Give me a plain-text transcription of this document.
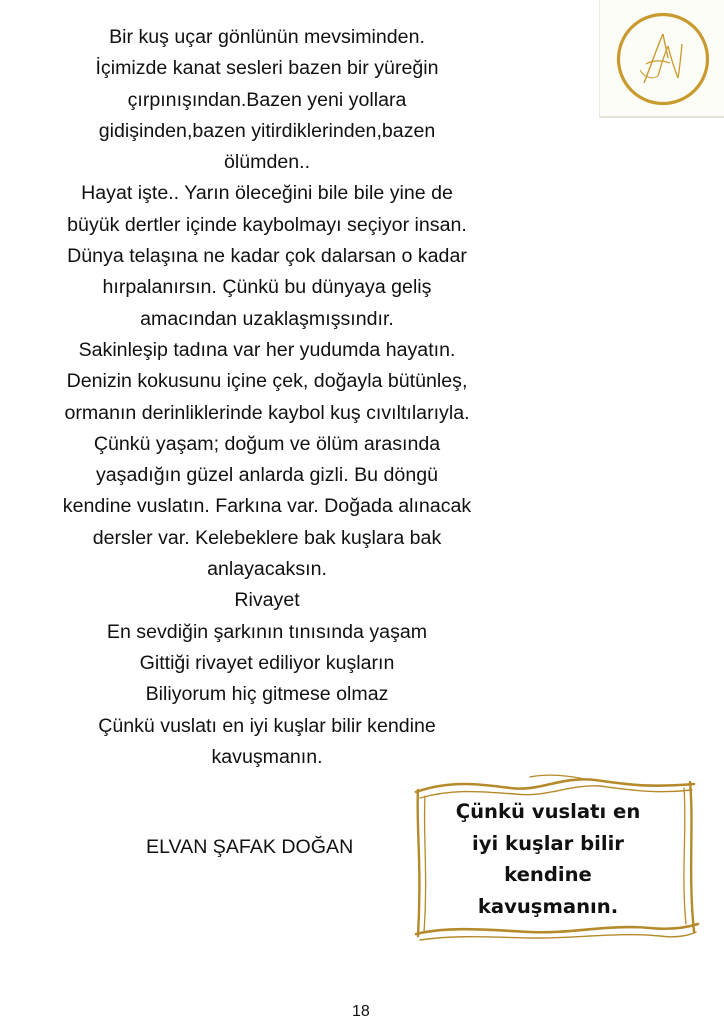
Bir kuş uçar gönlünün mevsiminden.
İçimizde kanat sesleri bazen bir yüreğin
çırpınışından.Bazen yeni yollara
gidişinden,bazen yitirdiklerinden,bazen
ölümden..
Hayat işte.. Yarın öleceğini bile bile yine de
büyük dertler içinde kaybolmayı seçiyor insan.
Dünya telaşına ne kadar çok dalarsan o kadar
hırpalanırsın. Çünkü bu dünyaya geliş
amacından uzaklaşmışsındır.
Sakinleşip tadına var her yudumda hayatın.
Denizin kokusunu içine çek, doğayla bütünleş,
ormanın derinliklerinde kaybol kuş cıvıltılarıyla.
Çünkü yaşam; doğum ve ölüm arasında
yaşadığın güzel anlarda gizli. Bu döngü
kendine vuslatın. Farkına var. Doğada alınacak
dersler var. Kelebeklere bak kuşlara bak
anlayacaksın.
Rivayet
En sevdiğin şarkının tınısında yaşam
Gittiği rivayet ediliyor kuşların
Biliyorum hiç gitmese olmaz
Çünkü vuslatı en iyi kuşlar bilir kendine
kavuşmanın.
ELVAN ŞAFAK DOĞAN
Çünkü vuslatı en
iyi kuşlar bilir
kendine
kavuşmanın.
18
